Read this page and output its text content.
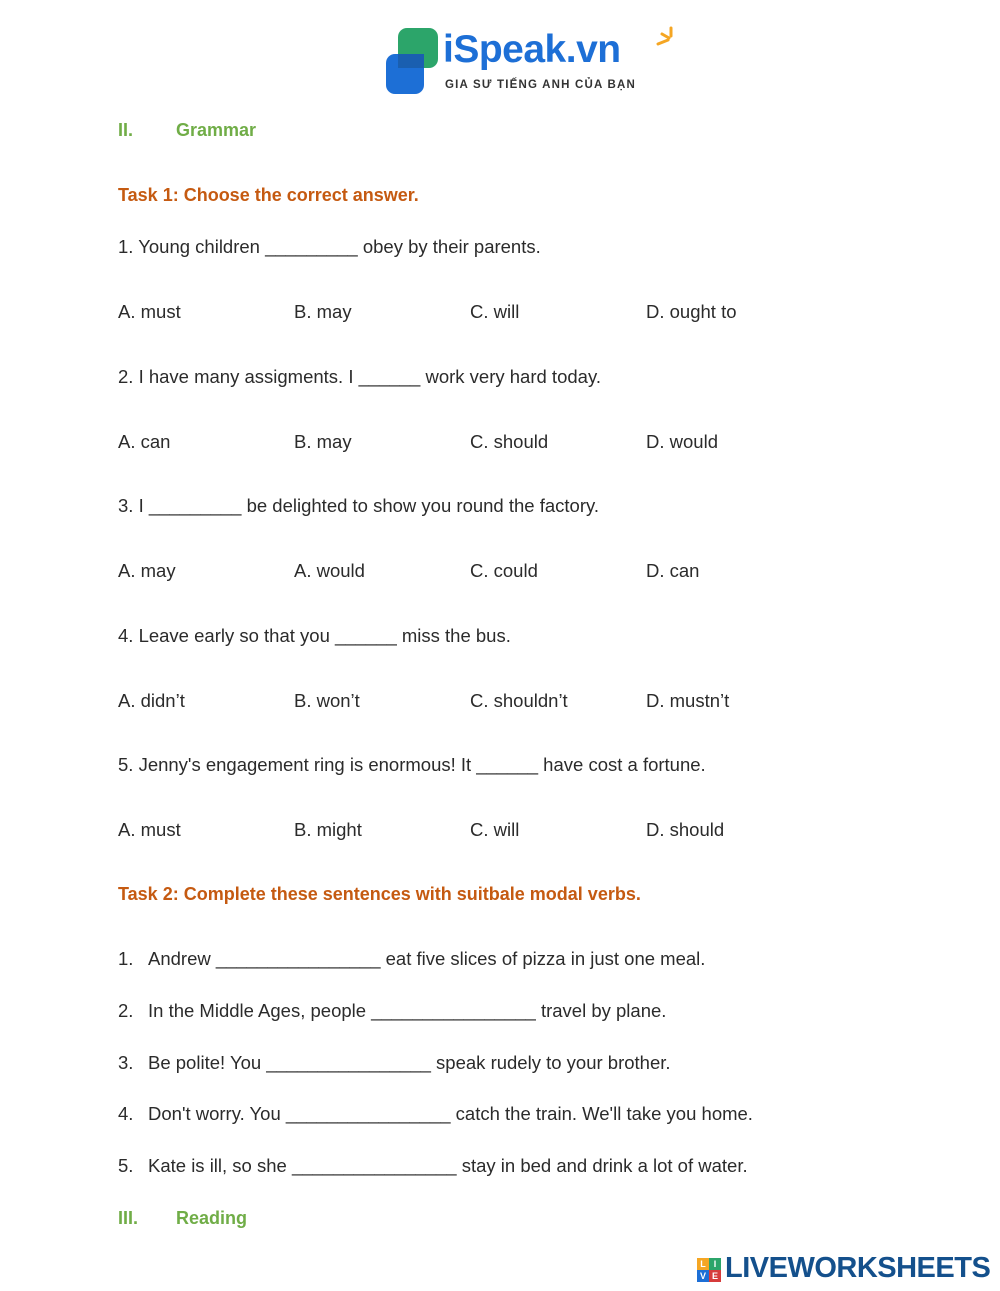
iSpeak.vn
GIA SƯ TIẾNG ANH CỦA BẠN
II. Grammar
Task 1: Choose the correct answer.
1. Young children _________ obey by their parents.
A. must	B. may	C. will	D. ought to
2. I have many assigments. I ______ work very hard today.
A. can	B. may	C. should	D. would
3. I _________ be delighted to show you round the factory.
A. may	A. would	C. could	D. can
4. Leave early so that you ______ miss the bus.
A. didn’t	B. won’t	C. shouldn’t	D. mustn’t
5. Jenny's engagement ring is enormous! It ______ have cost a fortune.
A. must	B. might	C. will	D. should
Task 2: Complete these sentences with suitbale modal verbs.
1. Andrew ________________ eat five slices of pizza in just one meal.
2. In the Middle Ages, people ________________ travel by plane.
3. Be polite! You ________________ speak rudely to your brother.
4. Don't worry. You ________________ catch the train. We'll take you home.
5. Kate is ill, so she ________________ stay in bed and drink a lot of water.
III. Reading
L I
V E LIVEWORKSHEETS
